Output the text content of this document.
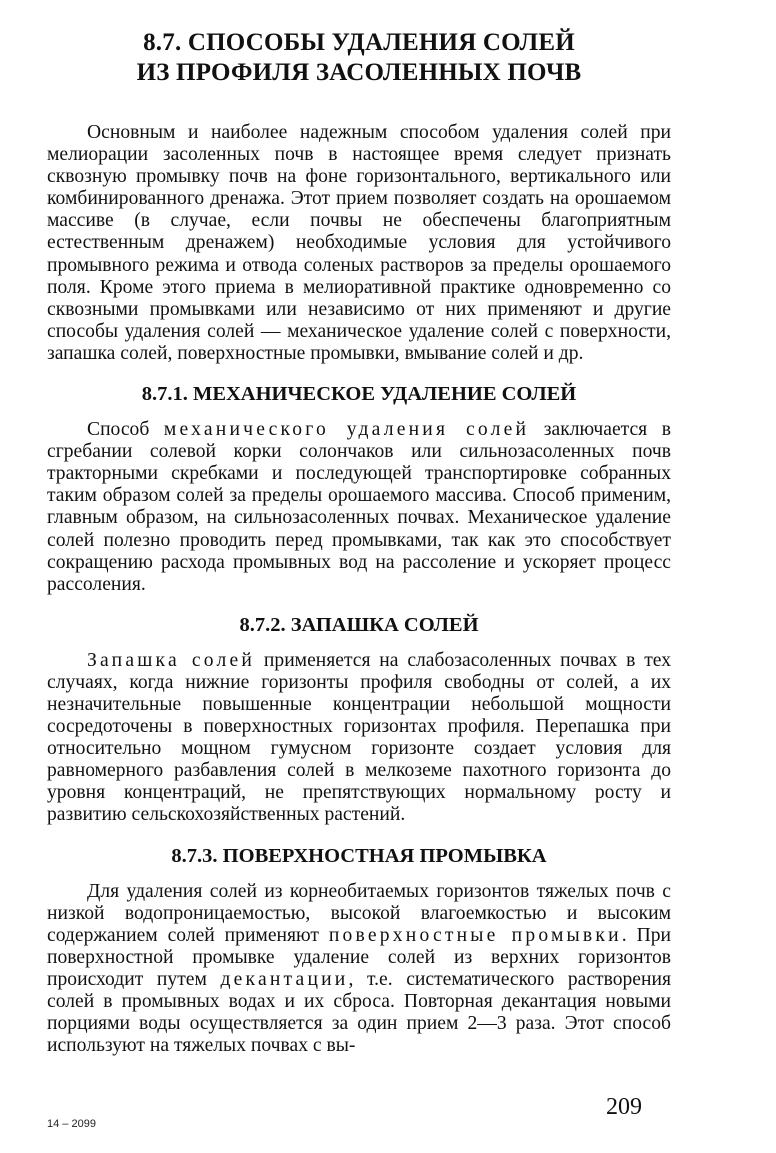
8.7. СПОСОБЫ УДАЛЕНИЯ СОЛЕЙ
ИЗ ПРОФИЛЯ ЗАСОЛЕННЫХ ПОЧВ

Основным и наиболее надежным способом удаления солей при мелиорации засоленных почв в настоящее время следует признать сквозную промывку почв на фоне горизонтального, вертикального или комбинированного дренажа. Этот прием позволяет создать на орошаемом массиве (в случае, если почвы не обеспечены благоприятным естественным дренажем) необходимые условия для устойчивого промывного режима и отвода соленых растворов за пределы орошаемого поля. Кроме этого приема в мелиоративной практике одновременно со сквозными промывками или независимо от них применяют и другие способы удаления солей — механическое удаление солей с поверхности, запашка солей, поверхностные промывки, вмывание солей и др.

8.7.1. МЕХАНИЧЕСКОЕ УДАЛЕНИЕ СОЛЕЙ

Способ механического удаления солей заключается в сгребании солевой корки солончаков или сильнозасоленных почв тракторными скребками и последующей транспортировке собранных таким образом солей за пределы орошаемого массива. Способ применим, главным образом, на сильнозасоленных почвах. Механическое удаление солей полезно проводить перед промывками, так как это способствует сокращению расхода промывных вод на рассоление и ускоряет процесс рассоления.

8.7.2. ЗАПАШКА СОЛЕЙ

Запашка солей применяется на слабозасоленных почвах в тех случаях, когда нижние горизонты профиля свободны от солей, а их незначительные повышенные концентрации небольшой мощности сосредоточены в поверхностных горизонтах профиля. Перепашка при относительно мощном гумусном горизонте создает условия для равномерного разбавления солей в мелкоземе пахотного горизонта до уровня концентраций, не препятствующих нормальному росту и развитию сельскохозяйственных растений.

8.7.3. ПОВЕРХНОСТНАЯ ПРОМЫВКА

Для удаления солей из корнеобитаемых горизонтов тяжелых почв с низкой водопроницаемостью, высокой влагоемкостью и высоким содержанием солей применяют поверхностные промывки. При поверхностной промывке удаление солей из верхних горизонтов происходит путем декантации, т.е. систематического растворения солей в промывных водах и их сброса. Повторная декантация новыми порциями воды осуществляется за один прием 2—3 раза. Этот способ используют на тяжелых почвах с вы-

209
14 – 2099
